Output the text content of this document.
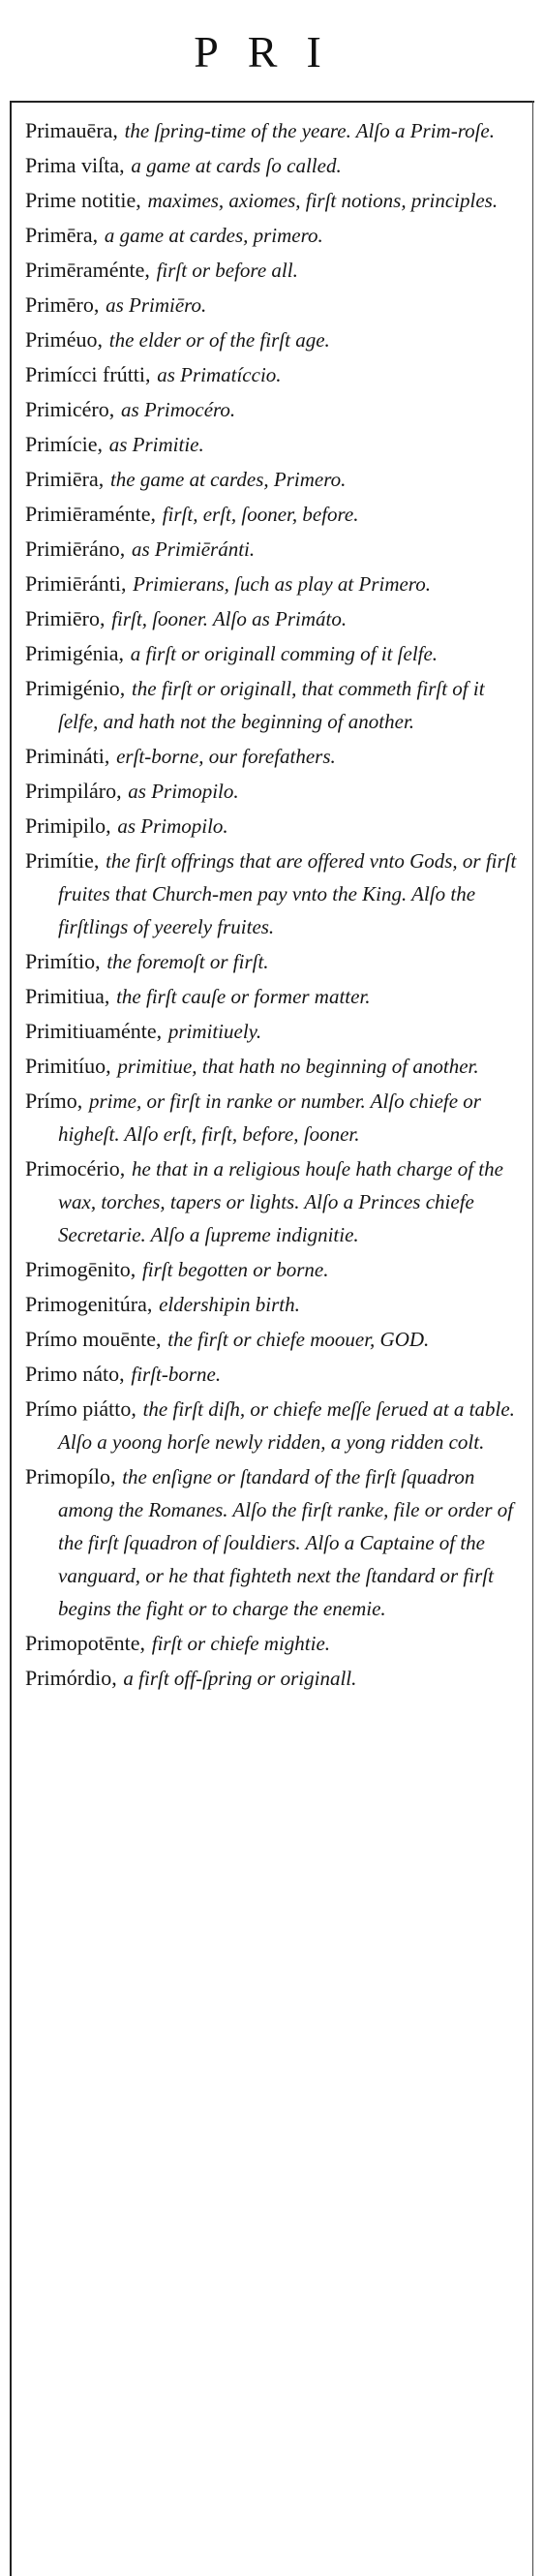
PRI

Primauēra, the ſpring-time of the yeare. Alſo a Prim-roſe.

Prima viſta, a game at cards ſo called.

Prime notitie, maximes, axiomes, firſt notions, principles.

Primēra, a game at cardes, primero.

Primēraménte, firſt or before all.

Primēro, as Primiēro.

Priméuo, the elder or of the firſt age.

Primícci frútti, as Primatíccio.

Primicéro, as Primocéro.

Primície, as Primitie.

Primiēra, the game at cardes, Primero.

Primiēraménte, firſt, erſt, ſooner, before.

Primiēráno, as Primiēránti.

Primiēránti, Primierans, ſuch as play at Primero.

Primiēro, firſt, ſooner. Alſo as Primáto.

Primigénia, a firſt or originall comming of it ſelfe.

Primigénio, the firſt or originall, that commeth firſt of it ſelfe, and hath not the beginning of another.

Primináti, erſt-borne, our forefathers.

Primpiláro, as Primopilo.

Primipilo, as Primopilo.

Primítie, the firſt offrings that are offered vnto Gods, or firſt fruites that Church-men pay vnto the King. Alſo the firſtlings of yeerely fruites.

Primítio, the foremoſt or firſt.

Primitiua, the firſt cauſe or former matter.

Primitiuaménte, primitiuely.

Primitíuo, primitiue, that hath no beginning of another.

Prímo, prime, or firſt in ranke or number. Alſo chiefe or higheſt. Alſo erſt, firſt, before, ſooner.

Primocério, he that in a religious houſe hath charge of the wax, torches, tapers or lights. Alſo a Princes chiefe Secretarie. Alſo a ſupreme indignitie.

Primogēnito, firſt begotten or borne.

Primogenitúra, eldershipin birth.

Prímo mouēnte, the firſt or chiefe moouer, GOD.

Primo náto, firſt-borne.

Prímo piátto, the firſt diſh, or chiefe meſſe ſerued at a table. Alſo a yoong horſe newly ridden, a yong ridden colt.

Primopílo, the enſigne or ſtandard of the firſt ſquadron among the Romanes. Alſo the firſt ranke, file or order of the firſt ſquadron of ſouldiers. Alſo a Captaine of the vanguard, or he that fighteth next the ſtandard or firſt begins the fight or to charge the enemie.

Primopotēnte, firſt or chiefe mightie.

Primórdio, a firſt off-ſpring or originall.
